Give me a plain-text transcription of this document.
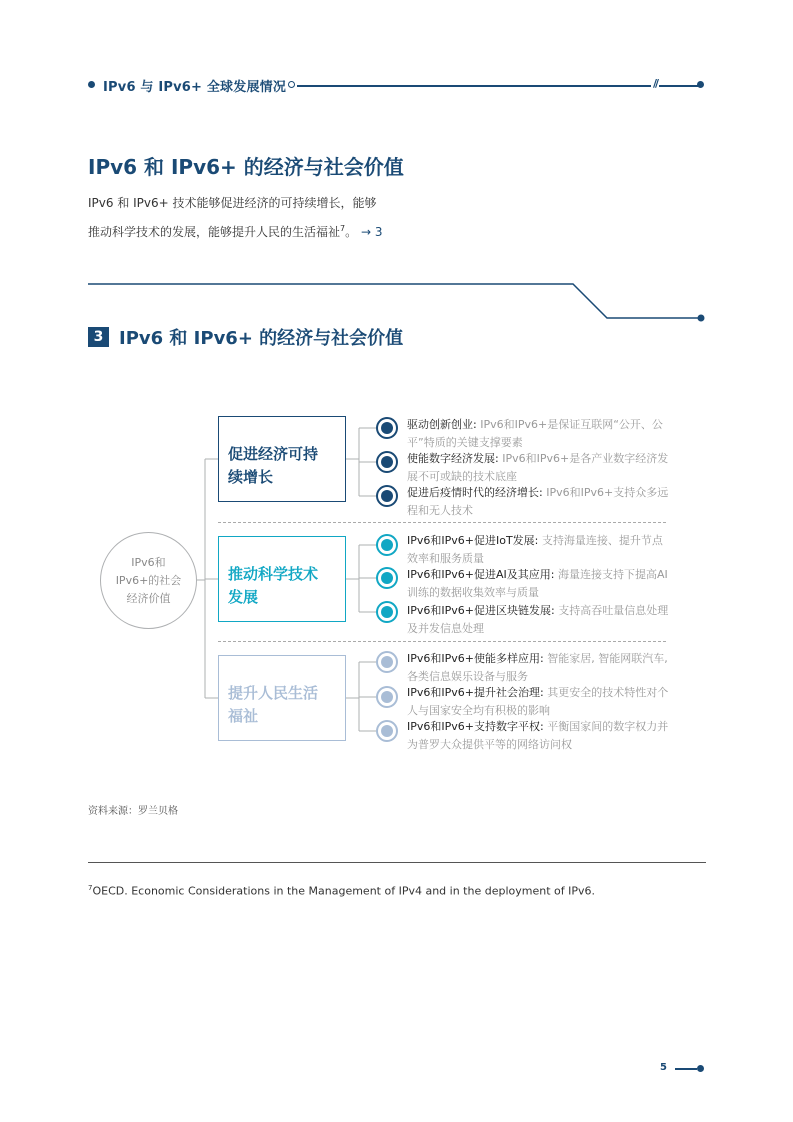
IPv6 与 IPv6+ 全球发展情况	//
IPv6 和 IPv6+ 的经济与社会价值
IPv6 和 IPv6+ 技术能够促进经济的可持续增长，能够推动科学技术的发展，能够提升人民的生活福祉$^7$。 → 3
3 IPv6 和 IPv6+ 的经济与社会价值
IPv6和
IPv6+的社会
经济价值
促进经济可持
续增长
推动科学技术
发展
提升人民生活
福祉
驱动创新创业: IPv6和IPv6+是保证互联网“公开、公平”特质的关键支撑要素
使能数字经济发展: IPv6和IPv6+是各产业数字经济发展不可或缺的技术底座
促进后疫情时代的经济增长: IPv6和IPv6+支持众多远程和无人技术
IPv6和IPv6+促进IoT发展: 支持海量连接、提升节点效率和服务质量
IPv6和IPv6+促进AI及其应用: 海量连接支持下提高AI训练的数据收集效率与质量
IPv6和IPv6+促进区块链发展: 支持高吞吐量信息处理及并发信息处理
IPv6和IPv6+使能多样应用: 智能家居, 智能网联汽车, 各类信息娱乐设备与服务
IPv6和IPv6+提升社会治理: 其更安全的技术特性对个人与国家安全均有积极的影响
IPv6和IPv6+支持数字平权: 平衡国家间的数字权力并为普罗大众提供平等的网络访问权
资料来源：罗兰贝格
$^7$OECD. Economic Considerations in the Management of IPv4 and in the deployment of IPv6.
5
